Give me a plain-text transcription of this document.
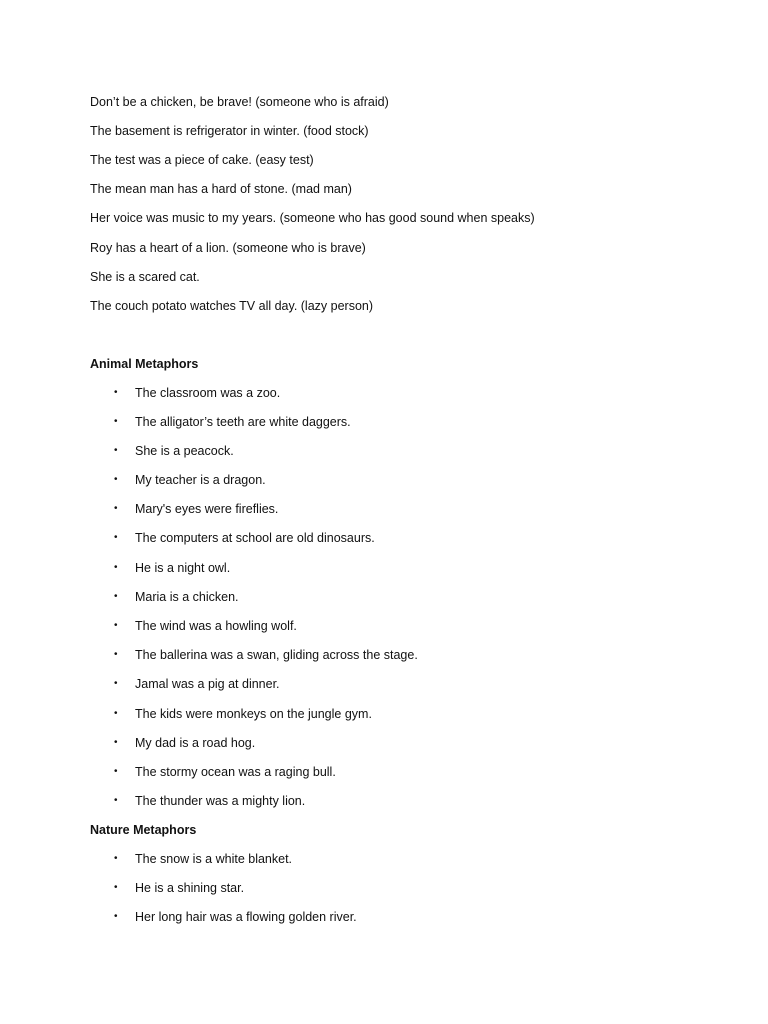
Don’t be a chicken, be brave! (someone who is afraid)
The basement is refrigerator in winter. (food stock)
The test was a piece of cake. (easy test)
The mean man has a hard of stone. (mad man)
Her voice was music to my years. (someone who has good sound when speaks)
Roy has a heart of a lion. (someone who is brave)
She is a scared cat.
The couch potato watches TV all day. (lazy person)
Animal Metaphors
• The classroom was a zoo.
• The alligator’s teeth are white daggers.
• She is a peacock.
• My teacher is a dragon.
• Mary's eyes were fireflies.
• The computers at school are old dinosaurs.
• He is a night owl.
• Maria is a chicken.
• The wind was a howling wolf.
• The ballerina was a swan, gliding across the stage.
• Jamal was a pig at dinner.
• The kids were monkeys on the jungle gym.
• My dad is a road hog.
• The stormy ocean was a raging bull.
• The thunder was a mighty lion.
Nature Metaphors
• The snow is a white blanket.
• He is a shining star.
• Her long hair was a flowing golden river.
